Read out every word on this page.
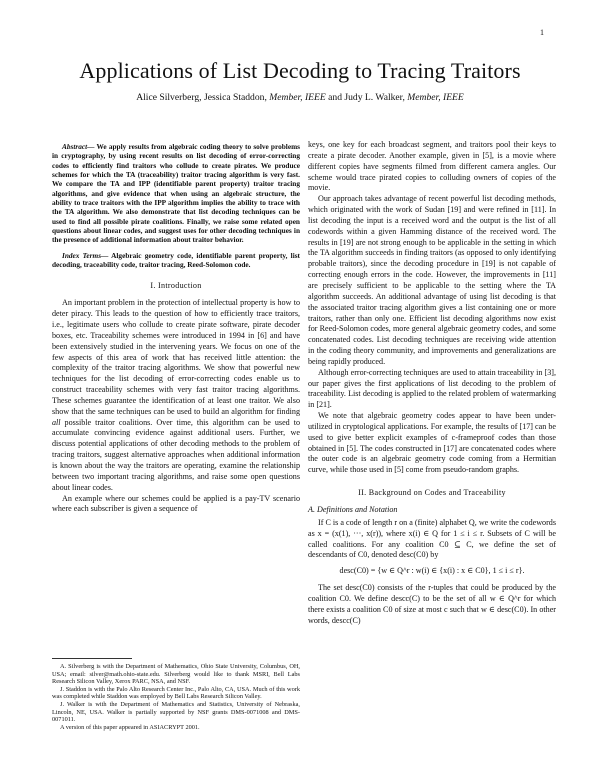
1
Applications of List Decoding to Tracing Traitors
Alice Silverberg, Jessica Staddon, Member, IEEE and Judy L. Walker, Member, IEEE
Abstract— We apply results from algebraic coding theory to solve problems in cryptography, by using recent results on list decoding of error-correcting codes to efficiently find traitors who collude to create pirates. We produce schemes for which the TA (traceability) traitor tracing algorithm is very fast. We compare the TA and IPP (identifiable parent property) traitor tracing algorithms, and give evidence that when using an algebraic structure, the ability to trace traitors with the IPP algorithm implies the ability to trace with the TA algorithm. We also demonstrate that list decoding techniques can be used to find all possible pirate coalitions. Finally, we raise some related open questions about linear codes, and suggest uses for other decoding techniques in the presence of additional information about traitor behavior.
Index Terms— Algebraic geometry code, identifiable parent property, list decoding, traceability code, traitor tracing, Reed-Solomon code.
I. Introduction

An important problem in the protection of intellectual property is how to deter piracy. This leads to the question of how to efficiently trace traitors, i.e., legitimate users who collude to create pirate software, pirate decoder boxes, etc. Traceability schemes were introduced in 1994 in [6] and have been extensively studied in the intervening years. We focus on one of the few aspects of this area of work that has received little attention: the complexity of the traitor tracing algorithms. We show that powerful new techniques for the list decoding of error-correcting codes enable us to construct traceability schemes with very fast traitor tracing algorithms. These schemes guarantee the identification of at least one traitor. We also show that the same techniques can be used to build an algorithm for finding all possible traitor coalitions. Over time, this algorithm can be used to accumulate convincing evidence against additional users. Further, we discuss potential applications of other decoding methods to the problem of tracing traitors, suggest alternative approaches when additional information is known about the way the traitors are operating, examine the relationship between two important tracing algorithms, and raise some open questions about linear codes.

An example where our schemes could be applied is a pay-TV scenario where each subscriber is given a sequence of

A. Silverberg is with the Department of Mathematics, Ohio State University, Columbus, OH, USA; email: silver@math.ohio-state.edu. Silverberg would like to thank MSRI, Bell Labs Research Silicon Valley, Xerox PARC, NSA, and NSF.

J. Staddon is with the Palo Alto Research Center Inc., Palo Alto, CA, USA. Much of this work was completed while Staddon was employed by Bell Labs Research Silicon Valley.

J. Walker is with the Department of Mathematics and Statistics, University of Nebraska, Lincoln, NE, USA. Walker is partially supported by NSF grants DMS-0071008 and DMS-0071011.

A version of this paper appeared in ASIACRYPT 2001.

keys, one key for each broadcast segment, and traitors pool their keys to create a pirate decoder. Another example, given in [5], is a movie where different copies have segments filmed from different camera angles. Our scheme would trace pirated copies to colluding owners of copies of the movie.

Our approach takes advantage of recent powerful list decoding methods, which originated with the work of Sudan [19] and were refined in [11]. In list decoding the input is a received word and the output is the list of all codewords within a given Hamming distance of the received word. The results in [19] are not strong enough to be applicable in the setting in which the TA algorithm succeeds in finding traitors (as opposed to only identifying probable traitors), since the decoding procedure in [19] is not capable of correcting enough errors in the code. However, the improvements in [11] are precisely sufficient to be applicable to the setting where the TA algorithm succeeds. An additional advantage of using list decoding is that the associated traitor tracing algorithm gives a list containing one or more traitors, rather than only one. Efficient list decoding algorithms now exist for Reed-Solomon codes, more general algebraic geometry codes, and some concatenated codes. List decoding techniques are receiving wide attention in the coding theory community, and improvements and generalizations are being rapidly produced.

Although error-correcting techniques are used to attain traceability in [3], our paper gives the first applications of list decoding to the problem of traceability. List decoding is applied to the related problem of watermarking in [21].

We note that algebraic geometry codes appear to have been under-utilized in cryptological applications. For example, the results of [17] can be used to give better explicit examples of c-frameproof codes than those obtained in [5]. The codes constructed in [17] are concatenated codes where the outer code is an algebraic geometry code coming from a Hermitian curve, while those used in [5] come from pseudo-random graphs.

II. Background on Codes and Traceability
A. Definitions and Notation

If C is a code of length r on a (finite) alphabet Q, we write the codewords as x = (x(1), ···, x(r)), where x(i) ∈ Q for 1 ≤ i ≤ r. Subsets of C will be called coalitions. For any coalition C0 ⊆ C, we define the set of descendants of C0, denoted desc(C0) by

desc(C0) = {w ∈ Q^r : w(i) ∈ {x(i) : x ∈ C0}, 1 ≤ i ≤ r}.

The set desc(C0) consists of the r-tuples that could be produced by the coalition C0. We define descc(C) to be the set of all w ∈ Q^r for which there exists a coalition C0 of size at most c such that w ∈ desc(C0). In other words, descc(C)
